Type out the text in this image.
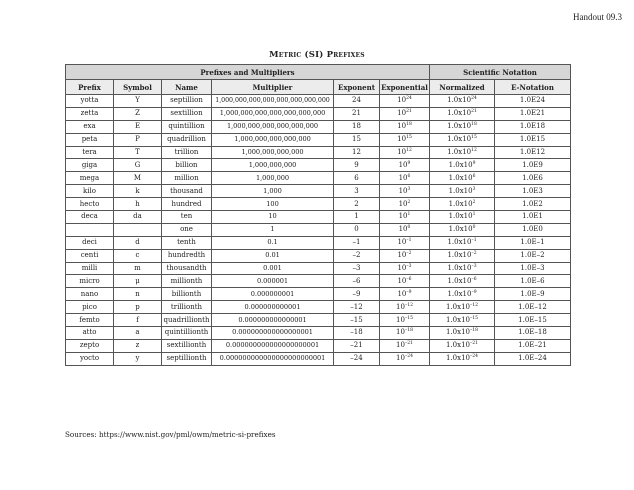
Handout 09.3
Metric (SI) Prefixes
Prefixes and Multipliers						Scientific Notation	
Prefix	Symbol	Name	Multiplier	Exponent	Exponential	Normalized	E-Notation
yotta	Y	septillion	1,000,000,000,000,000,000,000,000	24	$10^{24}$	$1.0x10^{24}$	1.0E24
zetta	Z	sextillion	1,000,000,000,000,000,000,000	21	$10^{21}$	$1.0x10^{21}$	1.0E21
exa	E	quintillion	1,000,000,000,000,000,000	18	$10^{18}$	$1.0x10^{18}$	1.0E18
peta	P	quadrillion	1,000,000,000,000,000	15	$10^{15}$	$1.0x10^{15}$	1.0E15
tera	T	trillion	1,000,000,000,000	12	$10^{12}$	$1.0x10^{12}$	1.0E12
giga	G	billion	1,000,000,000	9	$10^9$	$1.0x10^9$	1.0E9
mega	M	million	1,000,000	6	$10^6$	$1.0x10^6$	1.0E6
kilo	k	thousand	1,000	3	$10^3$	$1.0x10^3$	1.0E3
hecto	h	hundred	100	2	$10^2$	$1.0x10^2$	1.0E2
deca	da	ten	10	1	$10^1$	$1.0x10^1$	1.0E1
		one	1	0	$10^0$	$1.0x10^0$	1.0E0
deci	d	tenth	0.1	–1	$10^{-1}$	$1.0x10^{-1}$	1.0E–1
centi	c	hundredth	0.01	–2	$10^{-2}$	$1.0x10^{-2}$	1.0E–2
milli	m	thousandth	0.001	–3	$10^{-3}$	$1.0x10^{-3}$	1.0E–3
micro	μ	millionth	0.000001	–6	$10^{-6}$	$1.0x10^{-6}$	1.0E–6
nano	n	billionth	0.000000001	–9	$10^{-9}$	$1.0x10^{-9}$	1.0E–9
pico	p	trillionth	0.000000000001	–12	$10^{-12}$	$1.0x10^{-12}$	1.0E–12
femto	f	quadrillionth	0.000000000000001	–15	$10^{-15}$	$1.0x10^{-15}$	1.0E–15
atto	a	quintillionth	0.000000000000000001	–18	$10^{-18}$	$1.0x10^{-18}$	1.0E–18
zepto	z	sextillionth	0.000000000000000000001	–21	$10^{-21}$	$1.0x10^{-21}$	1.0E–21
yocto	y	septillionth	0.000000000000000000000001	–24	$10^{-24}$	$1.0x10^{-24}$	1.0E–24
Sources: https://www.nist.gov/pml/owm/metric-si-prefixes
